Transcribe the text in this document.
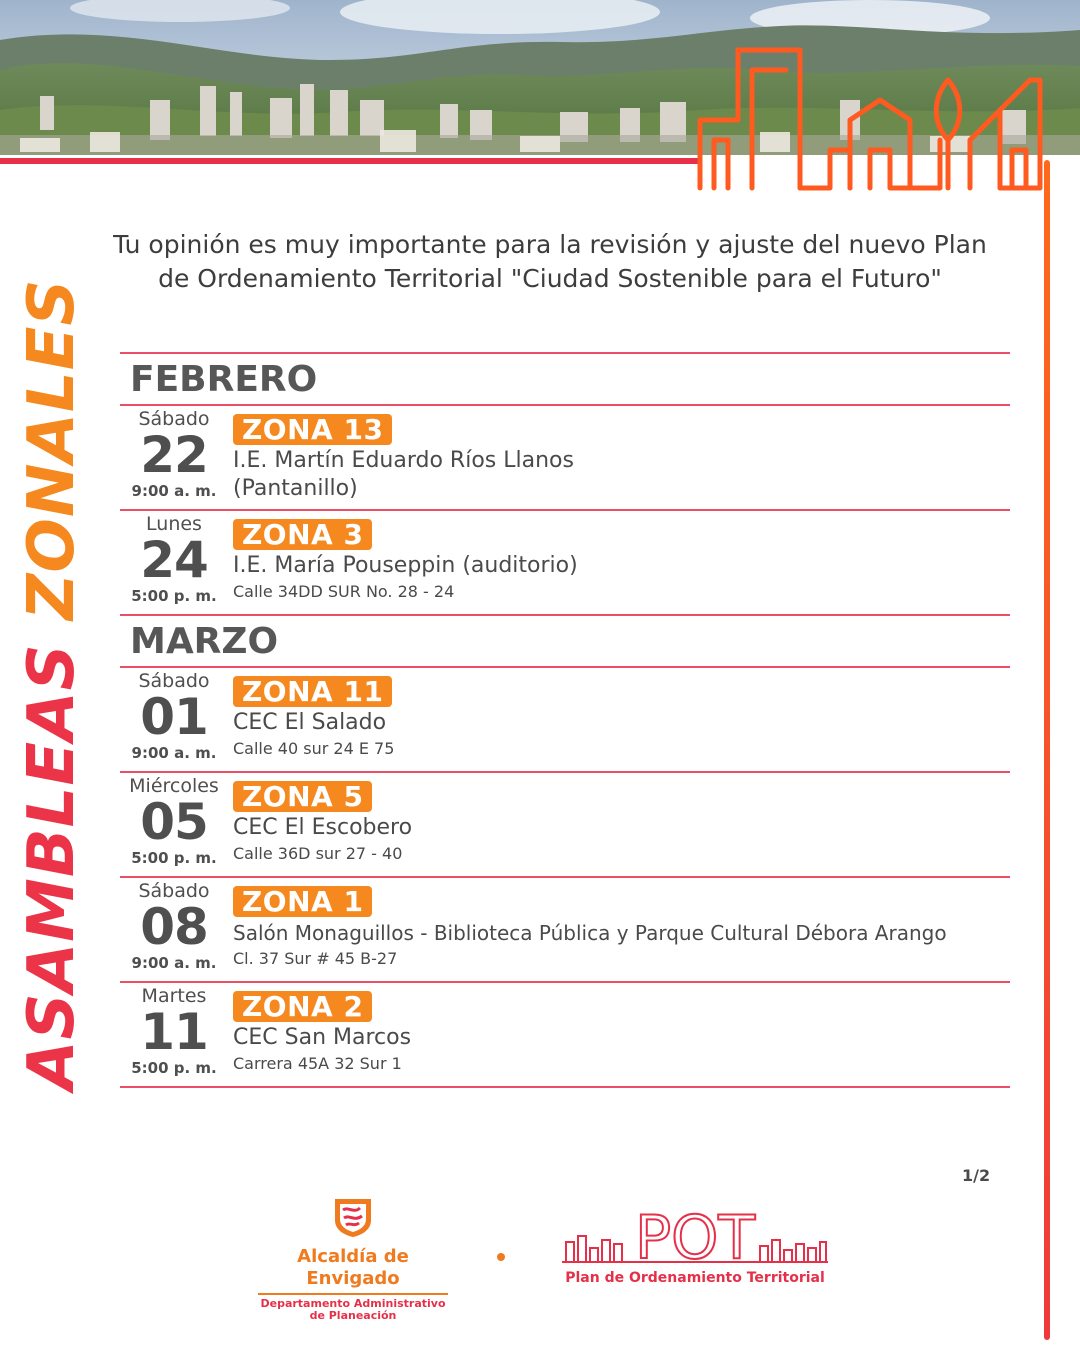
Tu opinión es muy importante para la revisión y ajuste del nuevo Plan
de Ordenamiento Territorial "Ciudad Sostenible para el Futuro"
ASAMBLEAS ZONALES FEBRERO
Sábado
22
9:00 a. m.
ZONA 13
I.E. Martín Eduardo Ríos Llanos
(Pantanillo)
Lunes
24
5:00 p. m.
ZONA 3
I.E. María Pouseppin (auditorio)
Calle 34DD SUR No. 28 - 24
MARZO
Sábado
01
9:00 a. m.
ZONA 11
CEC El Salado
Calle 40 sur 24 E 75
Miércoles
05
5:00 p. m.
ZONA 5
CEC El Escobero
Calle 36D sur 27 - 40
Sábado
08
9:00 a. m.
ZONA 1
Salón Monaguillos - Biblioteca Pública y Parque Cultural Débora Arango
Cl. 37 Sur # 45 B-27
Martes
11
5:00 p. m.
ZONA 2
CEC San Marcos
Carrera 45A 32 Sur 1
1/2
Alcaldía de Envigado
Departamento Administrativo
de Planeación
POT
Plan de Ordenamiento Territorial
